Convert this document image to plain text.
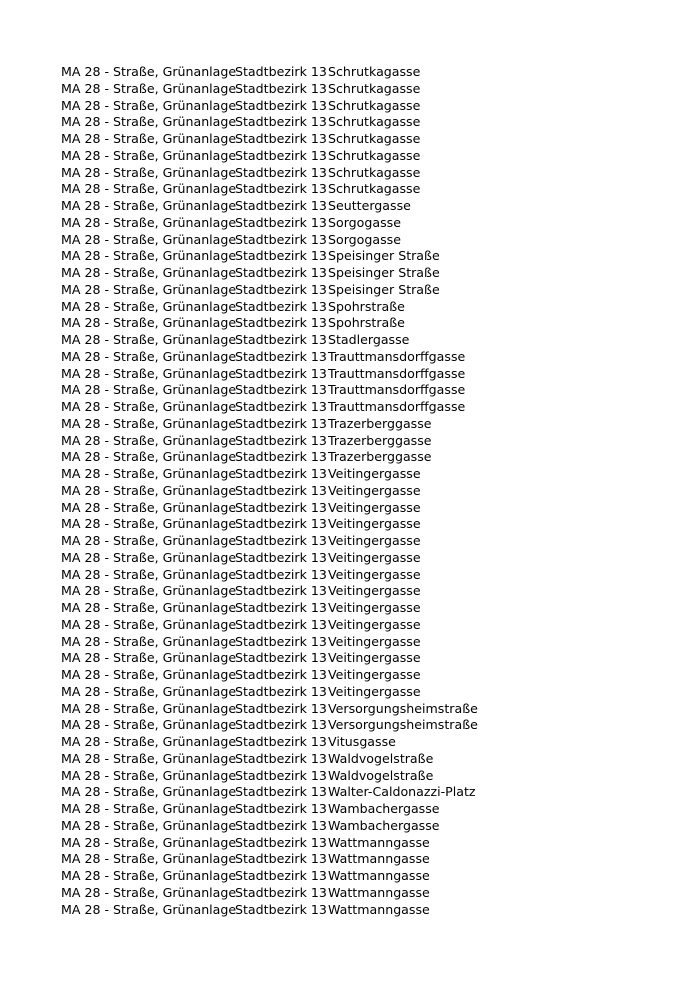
MA 28 - Straße, Grünanlage
Stadtbezirk 13 Schrutkagasse
MA 28 - Straße, Grünanlage
Stadtbezirk 13 Schrutkagasse
MA 28 - Straße, Grünanlage
Stadtbezirk 13 Schrutkagasse
MA 28 - Straße, Grünanlage
Stadtbezirk 13 Schrutkagasse
MA 28 - Straße, Grünanlage
Stadtbezirk 13 Schrutkagasse
MA 28 - Straße, Grünanlage
Stadtbezirk 13 Schrutkagasse
MA 28 - Straße, Grünanlage
Stadtbezirk 13 Schrutkagasse
MA 28 - Straße, Grünanlage
Stadtbezirk 13 Schrutkagasse
MA 28 - Straße, Grünanlage
Stadtbezirk 13 Seuttergasse
MA 28 - Straße, Grünanlage
Stadtbezirk 13 Sorgogasse
MA 28 - Straße, Grünanlage
Stadtbezirk 13 Sorgogasse
MA 28 - Straße, Grünanlage
Stadtbezirk 13 Speisinger Straße
MA 28 - Straße, Grünanlage
Stadtbezirk 13 Speisinger Straße
MA 28 - Straße, Grünanlage
Stadtbezirk 13 Speisinger Straße
MA 28 - Straße, Grünanlage
Stadtbezirk 13 Spohrstraße
MA 28 - Straße, Grünanlage
Stadtbezirk 13 Spohrstraße
MA 28 - Straße, Grünanlage
Stadtbezirk 13 Stadlergasse
MA 28 - Straße, Grünanlage
Stadtbezirk 13 Trauttmansdorffgasse
MA 28 - Straße, Grünanlage
Stadtbezirk 13 Trauttmansdorffgasse
MA 28 - Straße, Grünanlage
Stadtbezirk 13 Trauttmansdorffgasse
MA 28 - Straße, Grünanlage
Stadtbezirk 13 Trauttmansdorffgasse
MA 28 - Straße, Grünanlage
Stadtbezirk 13 Trazerberggasse
MA 28 - Straße, Grünanlage
Stadtbezirk 13 Trazerberggasse
MA 28 - Straße, Grünanlage
Stadtbezirk 13 Trazerberggasse
MA 28 - Straße, Grünanlage
Stadtbezirk 13 Veitingergasse
MA 28 - Straße, Grünanlage
Stadtbezirk 13 Veitingergasse
MA 28 - Straße, Grünanlage
Stadtbezirk 13 Veitingergasse
MA 28 - Straße, Grünanlage
Stadtbezirk 13 Veitingergasse
MA 28 - Straße, Grünanlage
Stadtbezirk 13 Veitingergasse
MA 28 - Straße, Grünanlage
Stadtbezirk 13 Veitingergasse
MA 28 - Straße, Grünanlage
Stadtbezirk 13 Veitingergasse
MA 28 - Straße, Grünanlage
Stadtbezirk 13 Veitingergasse
MA 28 - Straße, Grünanlage
Stadtbezirk 13 Veitingergasse
MA 28 - Straße, Grünanlage
Stadtbezirk 13 Veitingergasse
MA 28 - Straße, Grünanlage
Stadtbezirk 13 Veitingergasse
MA 28 - Straße, Grünanlage
Stadtbezirk 13 Veitingergasse
MA 28 - Straße, Grünanlage
Stadtbezirk 13 Veitingergasse
MA 28 - Straße, Grünanlage
Stadtbezirk 13 Veitingergasse
MA 28 - Straße, Grünanlage
Stadtbezirk 13 Versorgungsheimstraße
MA 28 - Straße, Grünanlage
Stadtbezirk 13 Versorgungsheimstraße
MA 28 - Straße, Grünanlage
Stadtbezirk 13 Vitusgasse
MA 28 - Straße, Grünanlage
Stadtbezirk 13 Waldvogelstraße
MA 28 - Straße, Grünanlage
Stadtbezirk 13 Waldvogelstraße
MA 28 - Straße, Grünanlage
Stadtbezirk 13 Walter-Caldonazzi-Platz
MA 28 - Straße, Grünanlage
Stadtbezirk 13 Wambachergasse
MA 28 - Straße, Grünanlage
Stadtbezirk 13 Wambachergasse
MA 28 - Straße, Grünanlage
Stadtbezirk 13 Wattmanngasse
MA 28 - Straße, Grünanlage
Stadtbezirk 13 Wattmanngasse
MA 28 - Straße, Grünanlage
Stadtbezirk 13 Wattmanngasse
MA 28 - Straße, Grünanlage
Stadtbezirk 13 Wattmanngasse
MA 28 - Straße, Grünanlage
Stadtbezirk 13 Wattmanngasse
